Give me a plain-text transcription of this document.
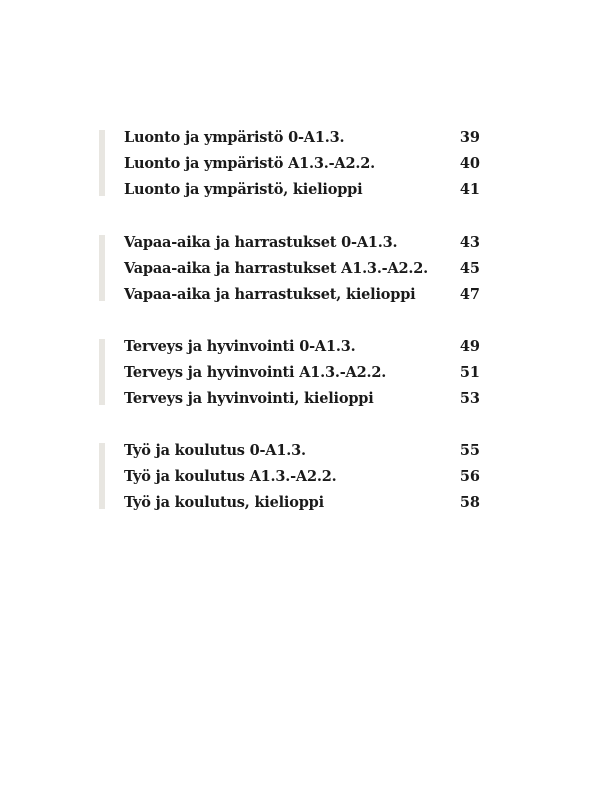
Luonto ja ympäristö 0-A1.3.	39
Luonto ja ympäristö A1.3.-A2.2.	40
Luonto ja ympäristö, kielioppi	41
Vapaa-aika ja harrastukset 0-A1.3.	43
Vapaa-aika ja harrastukset A1.3.-A2.2. 45
Vapaa-aika ja harrastukset, kielioppi	47
Terveys ja hyvinvointi 0-A1.3.	49
Terveys ja hyvinvointi A1.3.-A2.2.	51
Terveys ja hyvinvointi, kielioppi	53
Työ ja koulutus 0-A1.3.	55
Työ ja koulutus A1.3.-A2.2.	56
Työ ja koulutus, kielioppi	58
